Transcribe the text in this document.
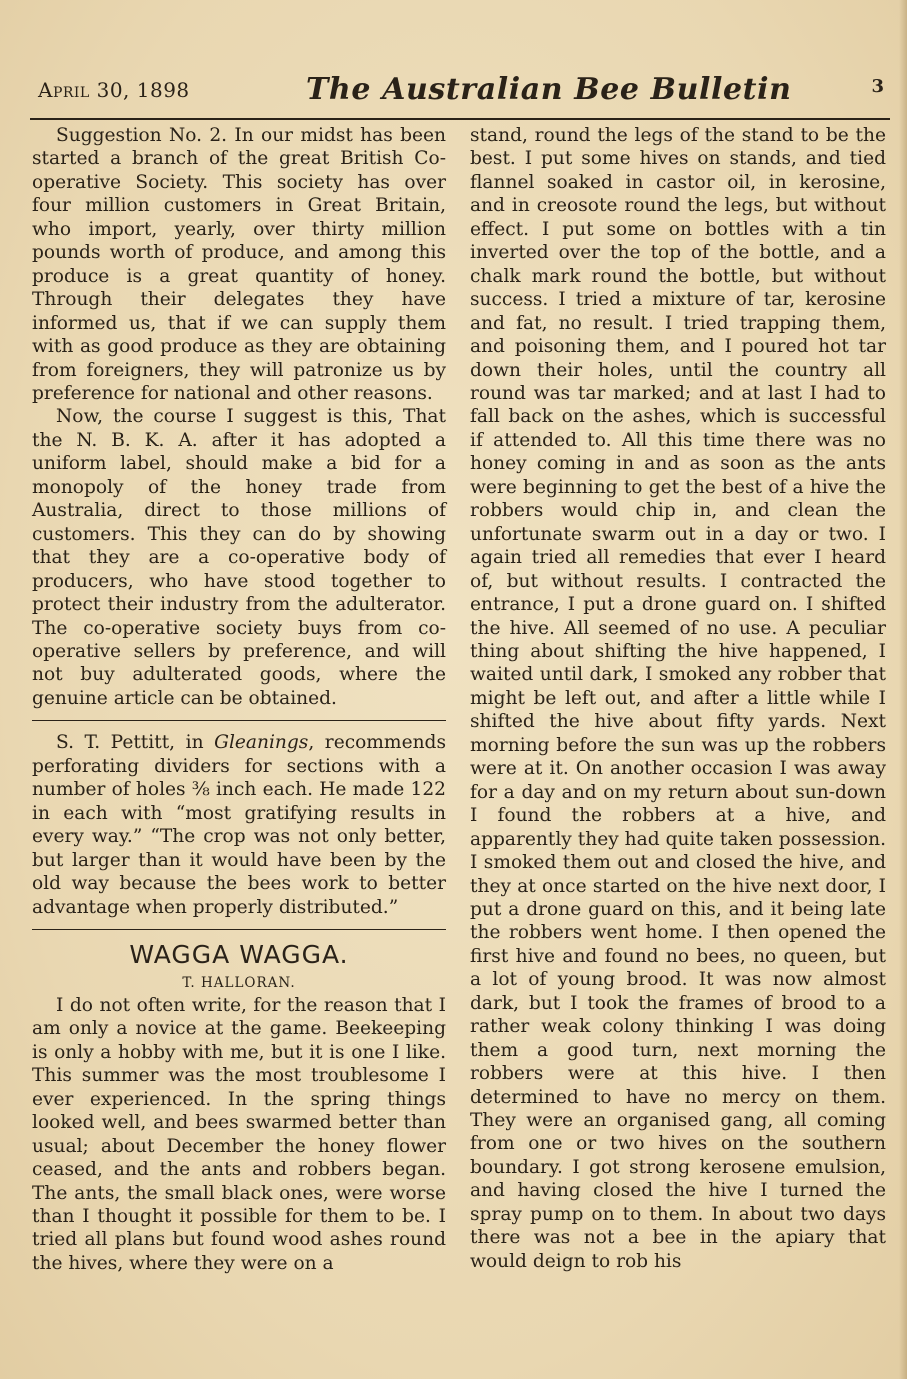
April 30, 1898	The Australian Bee Bulletin	3

Suggestion No. 2. In our midst has been started a branch of the great British Co-operative Society. This society has over four million customers in Great Britain, who import, yearly, over thirty million pounds worth of produce, and among this produce is a great quantity of honey. Through their delegates they have informed us, that if we can supply them with as good produce as they are obtaining from foreigners, they will patronize us by preference for national and other reasons.

Now, the course I suggest is this, That the N. B. K. A. after it has adopted a uniform label, should make a bid for a monopoly of the honey trade from Australia, direct to those millions of customers. This they can do by showing that they are a co-operative body of producers, who have stood together to protect their industry from the adulterator. The co-operative society buys from co-operative sellers by preference, and will not buy adulterated goods, where the genuine article can be obtained.

S. T. Pettitt, in Gleanings, recommends perforating dividers for sections with a number of holes ⅜ inch each. He made 122 in each with “most gratifying results in every way.” “The crop was not only better, but larger than it would have been by the old way because the bees work to better advantage when properly distributed.”

WAGGA WAGGA.
T. HALLORAN.

I do not often write, for the reason that I am only a novice at the game. Beekeeping is only a hobby with me, but it is one I like. This summer was the most troublesome I ever experienced. In the spring things looked well, and bees swarmed better than usual; about December the honey flower ceased, and the ants and robbers began. The ants, the small black ones, were worse than I thought it possible for them to be. I tried all plans but found wood ashes round the hives, where they were on a

stand, round the legs of the stand to be the best. I put some hives on stands, and tied flannel soaked in castor oil, in kerosine, and in creosote round the legs, but without effect. I put some on bottles with a tin inverted over the top of the bottle, and a chalk mark round the bottle, but without success. I tried a mixture of tar, kerosine and fat, no result. I tried trapping them, and poisoning them, and I poured hot tar down their holes, until the country all round was tar marked; and at last I had to fall back on the ashes, which is successful if attended to. All this time there was no honey coming in and as soon as the ants were beginning to get the best of a hive the robbers would chip in, and clean the unfortunate swarm out in a day or two. I again tried all remedies that ever I heard of, but without results. I contracted the entrance, I put a drone guard on. I shifted the hive. All seemed of no use. A peculiar thing about shifting the hive happened, I waited until dark, I smoked any robber that might be left out, and after a little while I shifted the hive about fifty yards. Next morning before the sun was up the robbers were at it. On another occasion I was away for a day and on my return about sun-down I found the robbers at a hive, and apparently they had quite taken possession. I smoked them out and closed the hive, and they at once started on the hive next door, I put a drone guard on this, and it being late the robbers went home. I then opened the first hive and found no bees, no queen, but a lot of young brood. It was now almost dark, but I took the frames of brood to a rather weak colony thinking I was doing them a good turn, next morning the robbers were at this hive. I then determined to have no mercy on them. They were an organised gang, all coming from one or two hives on the southern boundary. I got strong kerosene emulsion, and having closed the hive I turned the spray pump on to them. In about two days there was not a bee in the apiary that would deign to rob his
